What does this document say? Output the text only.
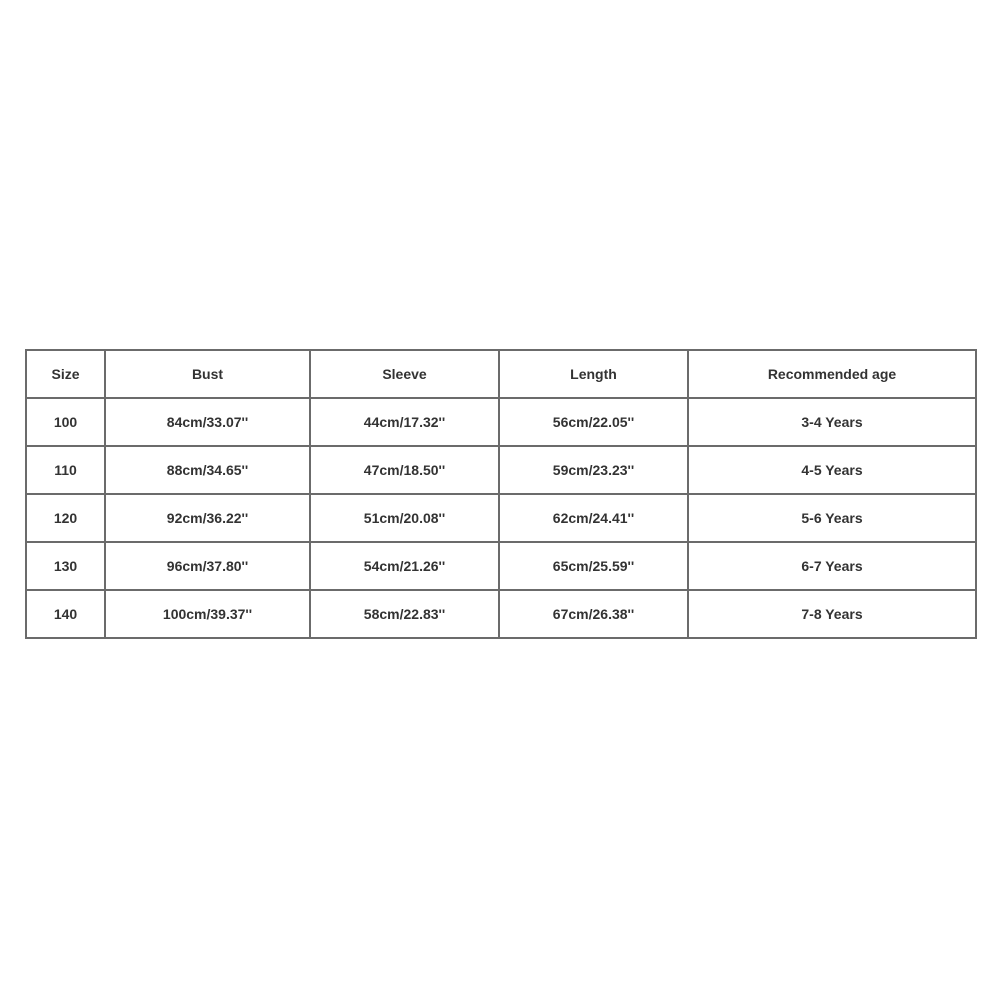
Size	Bust	Sleeve	Length	Recommended age
100	84cm/33.07''	44cm/17.32''	56cm/22.05''	3-4 Years
110	88cm/34.65''	47cm/18.50''	59cm/23.23''	4-5 Years
120	92cm/36.22''	51cm/20.08''	62cm/24.41''	5-6 Years
130	96cm/37.80''	54cm/21.26''	65cm/25.59''	6-7 Years
140	100cm/39.37''	58cm/22.83''	67cm/26.38''	7-8 Years
